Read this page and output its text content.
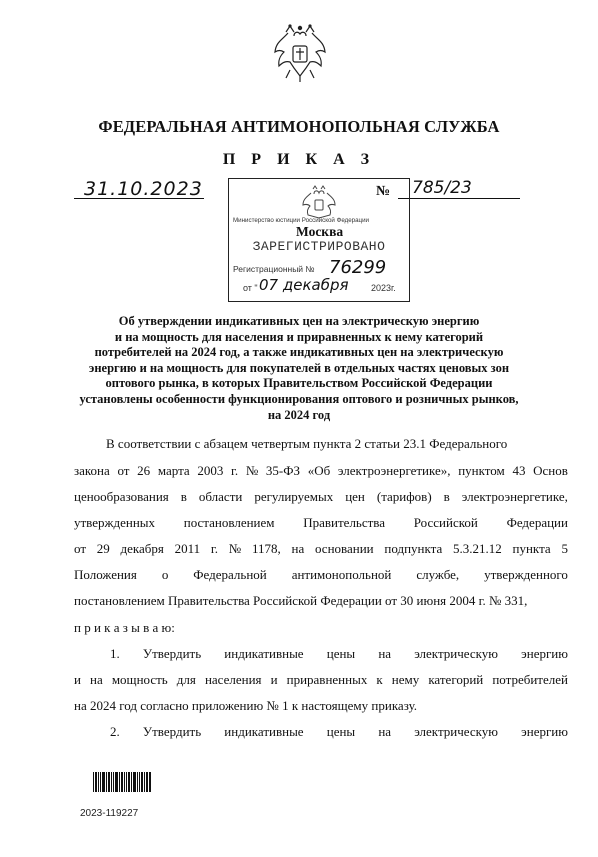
ФЕДЕРАЛЬНАЯ АНТИМОНОПОЛЬНАЯ СЛУЖБА
П Р И К А З
31.10.2023	№ 785/23
Министерство юстиции Российской Федерации
ЗАРЕГИСТРИРОВАНО
Регистрационный № 76299
от " 07 декабря 2023г.
Москва
Об утверждении индикативных цен на электрическую энергию
и на мощность для населения и приравненных к нему категорий
потребителей на 2024 год, а также индикативных цен на электрическую
энергию и на мощность для покупателей в отдельных частях ценовых зон
оптового рынка, в которых Правительством Российской Федерации
установлены особенности функционирования оптового и розничных рынков,
на 2024 год
В соответствии с абзацем четвертым пункта 2 статьи 23.1 Федерального
закона от 26 марта 2003 г. № 35-ФЗ «Об электроэнергетике», пунктом 43 Основ
ценообразования в области регулируемых цен (тарифов) в электроэнергетике,
утвержденных постановлением Правительства Российской Федерации
от 29 декабря 2011 г. № 1178, на основании подпункта 5.3.21.12 пункта 5
Положения о Федеральной антимонопольной службе, утвержденного
постановлением Правительства Российской Федерации от 30 июня 2004 г. № 331,
п р и к а з ы в а ю:
1. Утвердить индикативные цены на электрическую энергию
и на мощность для населения и приравненных к нему категорий потребителей
на 2024 год согласно приложению № 1 к настоящему приказу.
2. Утвердить индикативные цены на электрическую энергию
2023-119227
